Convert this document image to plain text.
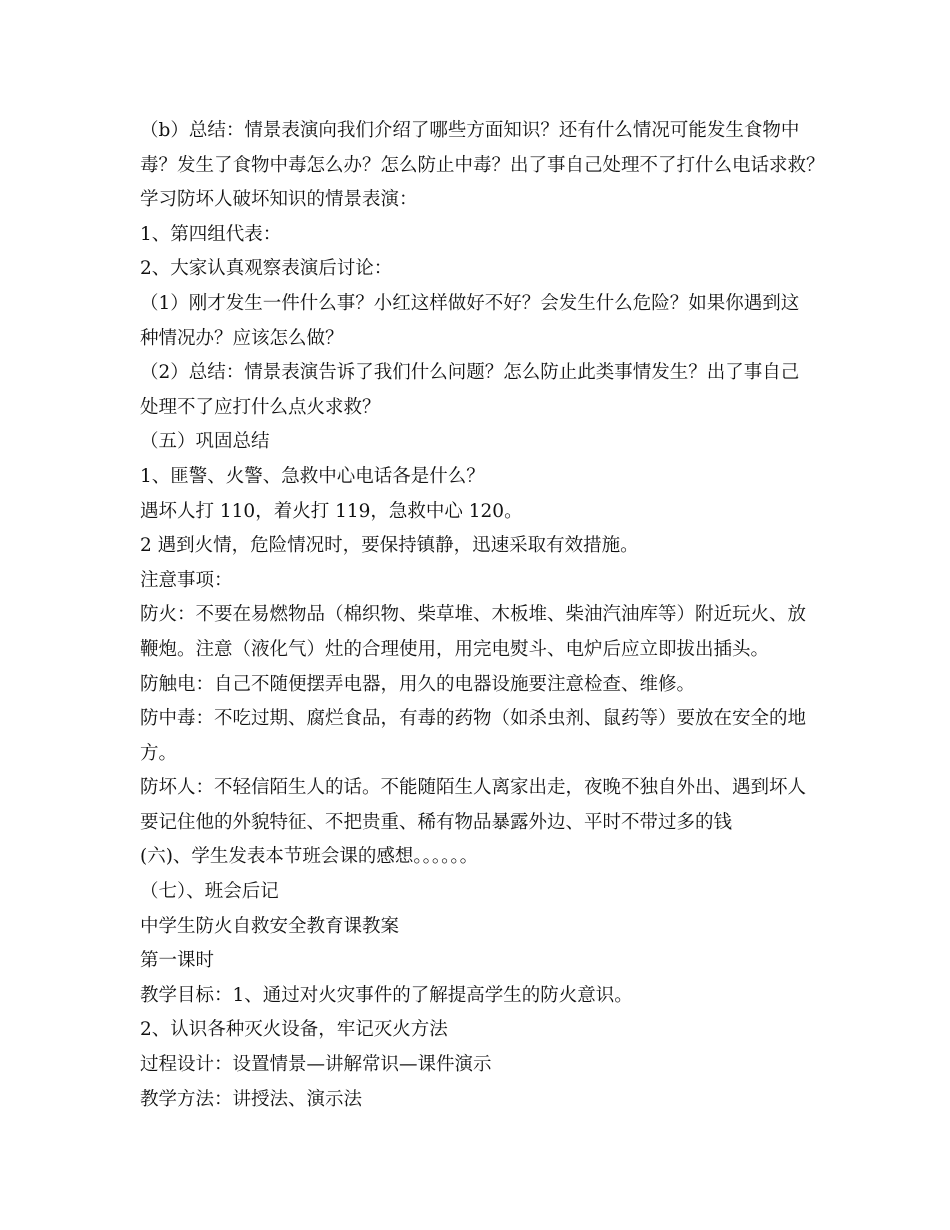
（b）总结：情景表演向我们介绍了哪些方面知识？还有什么情况可能发生食物中
毒？发生了食物中毒怎么办？怎么防止中毒？出了事自己处理不了打什么电话求救？
学习防坏人破坏知识的情景表演：
1、第四组代表：
2、大家认真观察表演后讨论：
（1）刚才发生一件什么事？小红这样做好不好？会发生什么危险？如果你遇到这
种情况办？应该怎么做？
（2）总结：情景表演告诉了我们什么问题？怎么防止此类事情发生？出了事自己
处理不了应打什么点火求救？
（五）巩固总结
1、匪警、火警、急救中心电话各是什么？
遇坏人打 110，着火打 119，急救中心 120。
2 遇到火情，危险情况时，要保持镇静，迅速采取有效措施。
注意事项：
防火：不要在易燃物品（棉织物、柴草堆、木板堆、柴油汽油库等）附近玩火、放
鞭炮。注意（液化气）灶的合理使用，用完电熨斗、电炉后应立即拔出插头。
防触电：自己不随便摆弄电器，用久的电器设施要注意检查、维修。
防中毒：不吃过期、腐烂食品，有毒的药物（如杀虫剂、鼠药等）要放在安全的地
方。
防坏人：不轻信陌生人的话。不能随陌生人离家出走，夜晚不独自外出、遇到坏人
要记住他的外貌特征、不把贵重、稀有物品暴露外边、平时不带过多的钱
(六)、学生发表本节班会课的感想。。。。。。
（七）、班会后记
中学生防火自救安全教育课教案
第一课时
教学目标：1、通过对火灾事件的了解提高学生的防火意识。
2、认识各种灭火设备，牢记灭火方法
过程设计：设置情景—讲解常识—课件演示
教学方法：讲授法、演示法
